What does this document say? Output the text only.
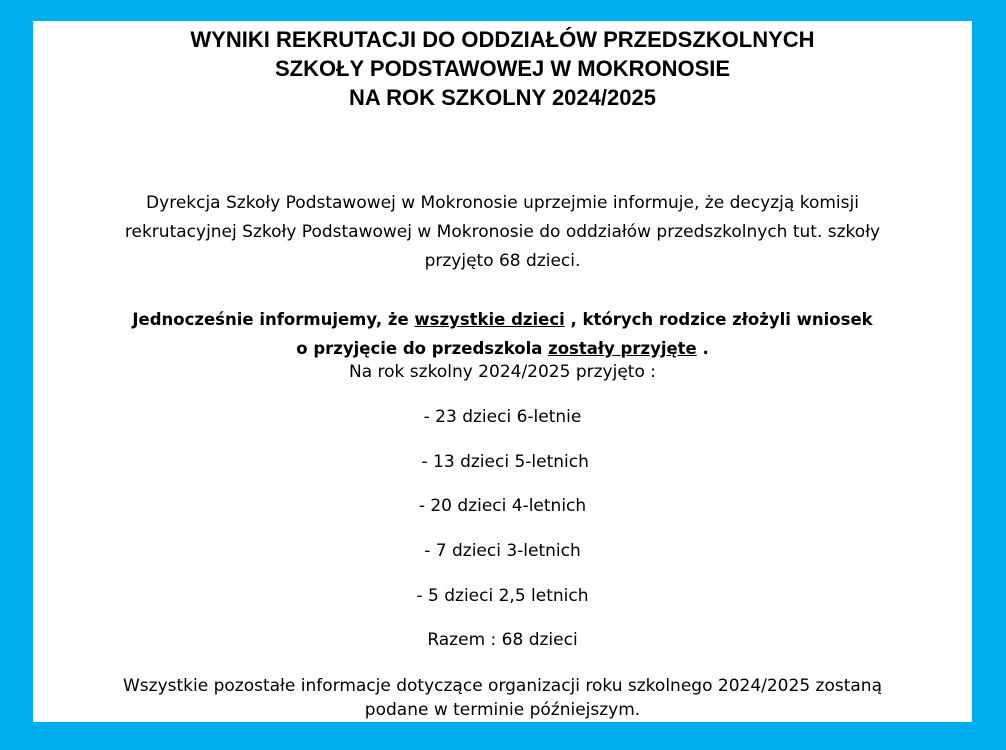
WYNIKI REKRUTACJI DO ODDZIAŁÓW PRZEDSZKOLNYCH
SZKOŁY PODSTAWOWEJ W MOKRONOSIE
NA ROK SZKOLNY 2024/2025
Dyrekcja Szkoły Podstawowej w Mokronosie uprzejmie informuje, że decyzją komisji
rekrutacyjnej Szkoły Podstawowej w Mokronosie do oddziałów przedszkolnych tut. szkoły
przyjęto 68 dzieci.
Jednocześnie informujemy, że wszystkie dzieci , których rodzice złożyli wniosek
o przyjęcie do przedszkola zostały przyjęte .
Na rok szkolny 2024/2025 przyjęto :
- 23 dzieci 6-letnie
- 13 dzieci 5-letnich
- 20 dzieci 4-letnich
- 7 dzieci 3-letnich
- 5 dzieci 2,5 letnich
Razem : 68 dzieci
Wszystkie pozostałe informacje dotyczące organizacji roku szkolnego 2024/2025 zostaną
podane w terminie późniejszym.
